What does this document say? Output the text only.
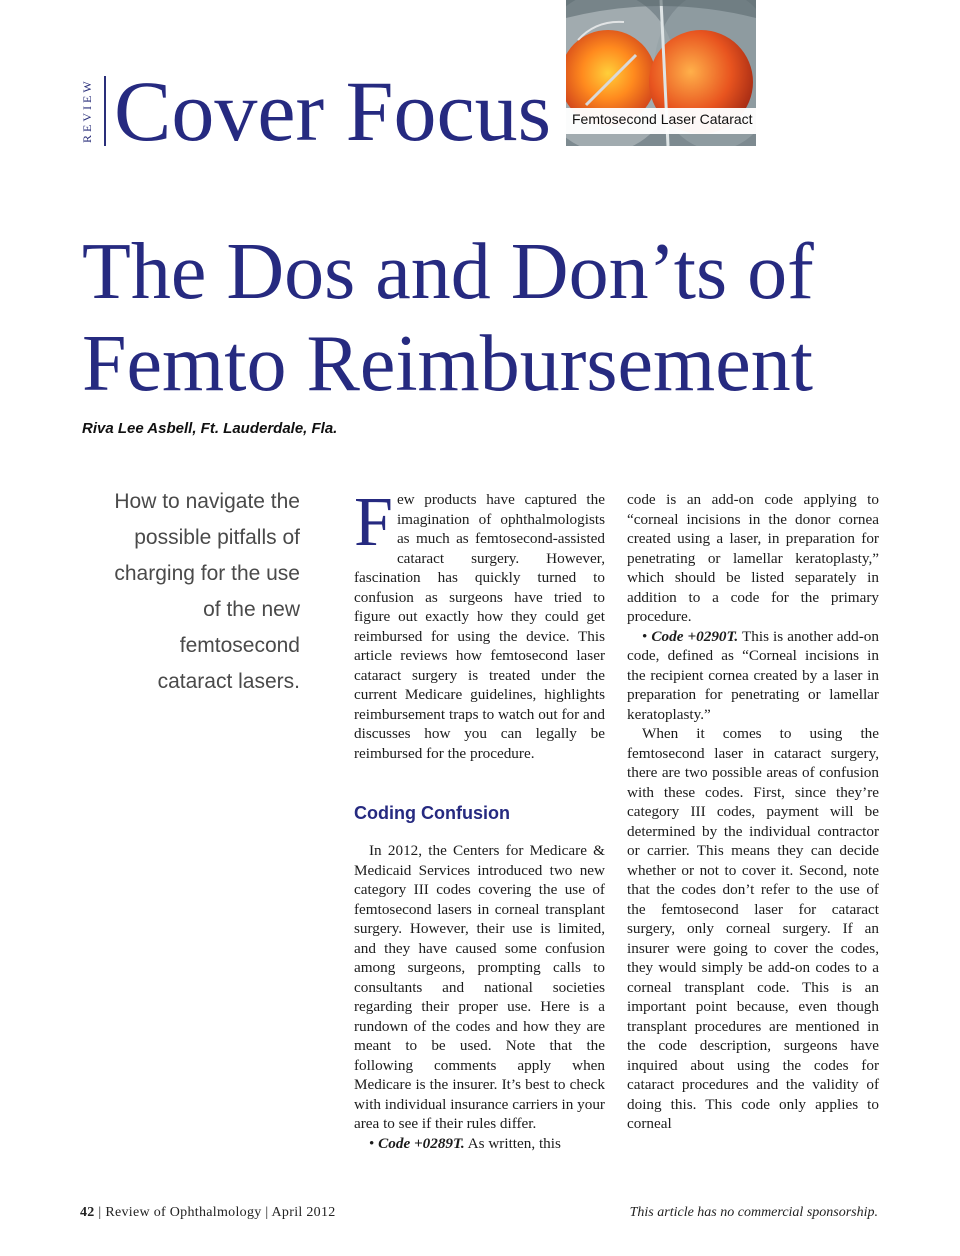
REVIEW Cover Focus Femtosecond Laser Cataract
The Dos and Don’ts of Femto Reimbursement
Riva Lee Asbell, Ft. Lauderdale, Fla.
How to navigate the possible pitfalls of charging for the use of the new femtosecond cataract lasers.

Few products have captured the imagination of ophthalmologists as much as femtosecond-assisted cataract surgery. However, fascination has quickly turned to confusion as surgeons have tried to figure out exactly how they could get reimbursed for using the device. This article reviews how femtosecond laser cataract surgery is treated under the current Medicare guidelines, highlights reimbursement traps to watch out for and discusses how you can legally be reimbursed for the procedure.

Coding Confusion

In 2012, the Centers for Medicare & Medicaid Services introduced two new category III codes covering the use of femtosecond lasers in corneal transplant surgery. However, their use is limited, and they have caused some confusion among surgeons, prompting calls to consultants and national societies regarding their proper use. Here is a rundown of the codes and how they are meant to be used. Note that the following comments apply when Medicare is the insurer. It’s best to check with individual insurance carriers in your area to see if their rules differ.

• Code +0289T. As written, this

code is an add-on code applying to “corneal incisions in the donor cornea created using a laser, in preparation for penetrating or lamellar keratoplasty,” which should be listed separately in addition to a code for the primary procedure.

• Code +0290T. This is another add-on code, defined as “Corneal incisions in the recipient cornea created by a laser in preparation for penetrating or lamellar keratoplasty.”

When it comes to using the femtosecond laser in cataract surgery, there are two possible areas of confusion with these codes. First, since they’re category III codes, payment will be determined by the individual contractor or carrier. This means they can decide whether or not to cover it. Second, note that the codes don’t refer to the use of the femtosecond laser for cataract surgery, only corneal surgery. If an insurer were going to cover the codes, they would simply be add-on codes to a corneal transplant code. This is an important point because, even though transplant procedures are mentioned in the code description, surgeons have inquired about using the codes for cataract procedures and the validity of doing this. This code only applies to corneal

42 | Review of Ophthalmology | April 2012	This article has no commercial sponsorship.
